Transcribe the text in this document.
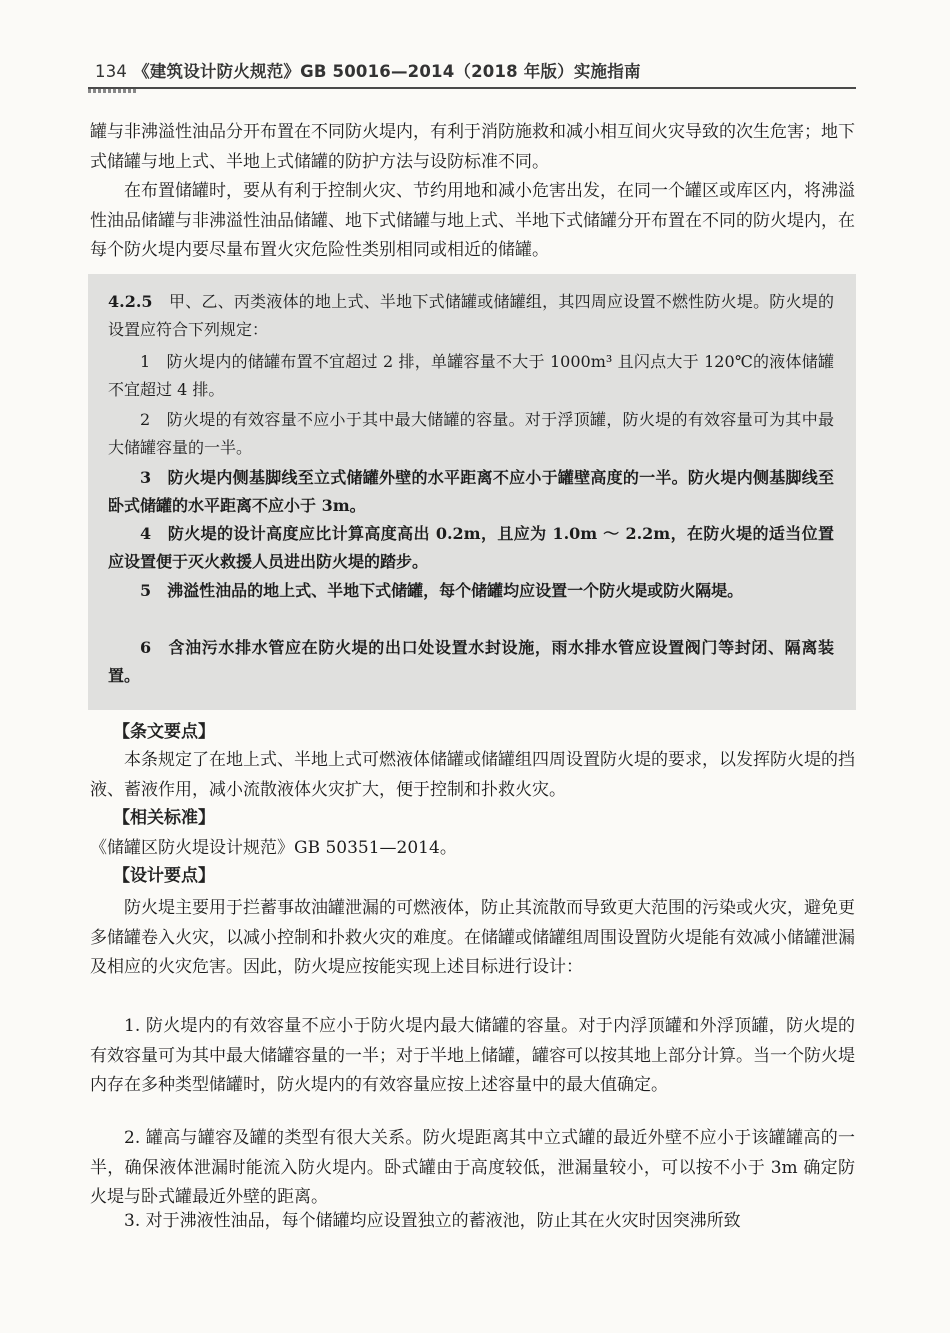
134 《建筑设计防火规范》GB 50016—2014（2018 年版）实施指南

罐与非沸溢性油品分开布置在不同防火堤内，有利于消防施救和减小相互间火灾导致的次生危害；地下式储罐与地上式、半地上式储罐的防护方法与设防标准不同。

在布置储罐时，要从有利于控制火灾、节约用地和减小危害出发，在同一个罐区或库区内，将沸溢性油品储罐与非沸溢性油品储罐、地下式储罐与地上式、半地下式储罐分开布置在不同的防火堤内，在每个防火堤内要尽量布置火灾危险性类别相同或相近的储罐。

4.2.5　 甲、乙、丙类液体的地上式、半地下式储罐或储罐组，其四周应设置不燃性防火堤。防火堤的设置应符合下列规定：

1　防火堤内的储罐布置不宜超过 2 排，单罐容量不大于 1000m³ 且闪点大于 120℃的液体储罐不宜超过 4 排。

2　防火堤的有效容量不应小于其中最大储罐的容量。对于浮顶罐，防火堤的有效容量可为其中最大储罐容量的一半。

3　防火堤内侧基脚线至立式储罐外壁的水平距离不应小于罐壁高度的一半。防火堤内侧基脚线至卧式储罐的水平距离不应小于 3m。

4　防火堤的设计高度应比计算高度高出 0.2m，且应为 1.0m ～ 2.2m，在防火堤的适当位置应设置便于灭火救援人员进出防火堤的踏步。

5　沸溢性油品的地上式、半地下式储罐，每个储罐均应设置一个防火堤或防火隔堤。

6　含油污水排水管应在防火堤的出口处设置水封设施，雨水排水管应设置阀门等封闭、隔离装置。

【条文要点】

本条规定了在地上式、半地上式可燃液体储罐或储罐组四周设置防火堤的要求，以发挥防火堤的挡液、蓄液作用，减小流散液体火灾扩大，便于控制和扑救火灾。

【相关标准】

《储罐区防火堤设计规范》GB 50351—2014。

【设计要点】

防火堤主要用于拦蓄事故油罐泄漏的可燃液体，防止其流散而导致更大范围的污染或火灾，避免更多储罐卷入火灾，以减小控制和扑救火灾的难度。在储罐或储罐组周围设置防火堤能有效减小储罐泄漏及相应的火灾危害。因此，防火堤应按能实现上述目标进行设计：

1. 防火堤内的有效容量不应小于防火堤内最大储罐的容量。对于内浮顶罐和外浮顶罐，防火堤的有效容量可为其中最大储罐容量的一半；对于半地上储罐，罐容可以按其地上部分计算。当一个防火堤内存在多种类型储罐时，防火堤内的有效容量应按上述容量中的最大值确定。

2. 罐高与罐容及罐的类型有很大关系。防火堤距离其中立式罐的最近外壁不应小于该罐罐高的一半，确保液体泄漏时能流入防火堤内。卧式罐由于高度较低，泄漏量较小，可以按不小于 3m 确定防火堤与卧式罐最近外壁的距离。

3. 对于沸液性油品，每个储罐均应设置独立的蓄液池，防止其在火灾时因突沸所致
